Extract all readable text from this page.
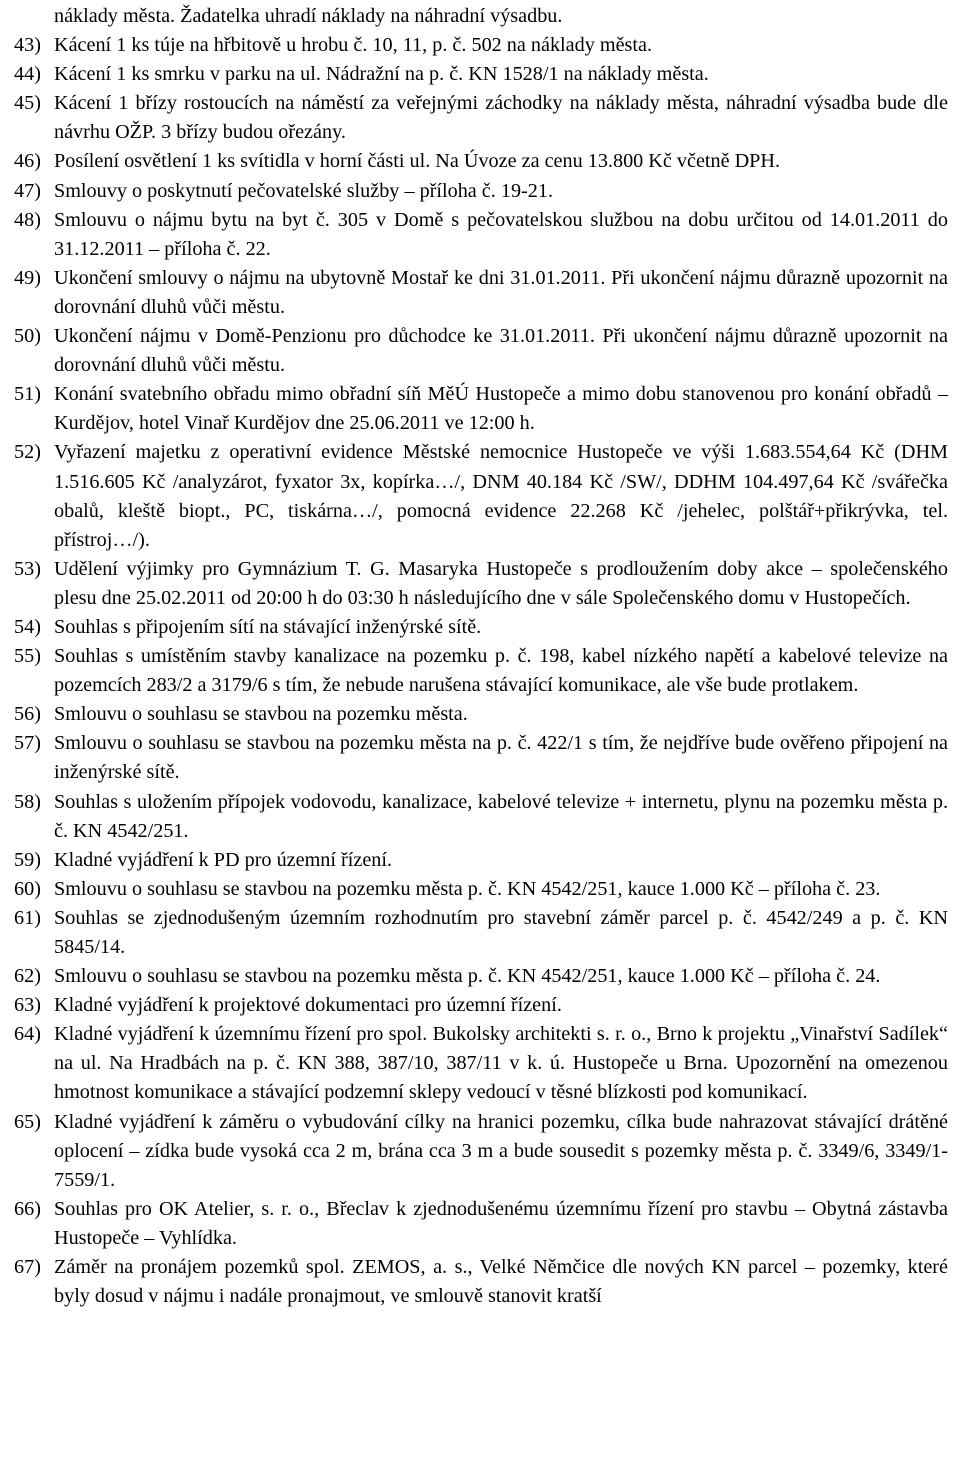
náklady města. Žadatelka uhradí náklady na náhradní výsadbu.
43) Kácení 1 ks túje na hřbitově u hrobu č. 10, 11, p. č. 502 na náklady města.
44) Kácení 1 ks smrku v parku na ul. Nádražní na p. č. KN 1528/1 na náklady města.
45) Kácení 1 břízy rostoucích na náměstí za veřejnými záchodky na náklady města, náhradní výsadba bude dle návrhu OŽP. 3 břízy budou ořezány.
46) Posílení osvětlení 1 ks svítidla v horní části ul. Na Úvoze za cenu 13.800 Kč včetně DPH.
47) Smlouvy o poskytnutí pečovatelské služby – příloha č. 19-21.
48) Smlouvu o nájmu bytu na byt č. 305 v Domě s pečovatelskou službou na dobu určitou od 14.01.2011 do 31.12.2011 – příloha č. 22.
49) Ukončení smlouvy o nájmu na ubytovně Mostař ke dni 31.01.2011. Při ukončení nájmu důrazně upozornit na dorovnání dluhů vůči městu.
50) Ukončení nájmu v Domě-Penzionu pro důchodce ke 31.01.2011. Při ukončení nájmu důrazně upozornit na dorovnání dluhů vůči městu.
51) Konání svatebního obřadu mimo obřadní síň MěÚ Hustopeče a mimo dobu stanovenou pro konání obřadů – Kurdějov, hotel Vinař Kurdějov dne 25.06.2011 ve 12:00 h.
52) Vyřazení majetku z operativní evidence Městské nemocnice Hustopeče ve výši 1.683.554,64 Kč (DHM 1.516.605 Kč /analyzárot, fyxator 3x, kopírka…/, DNM 40.184 Kč /SW/, DDHM 104.497,64 Kč /svářečka obalů, kleště biopt., PC, tiskárna…/, pomocná evidence 22.268 Kč /jehelec, polštář+přikrývka, tel. přístroj…/).
53) Udělení výjimky pro Gymnázium T. G. Masaryka Hustopeče s prodloužením doby akce – společenského plesu dne 25.02.2011 od 20:00 h do 03:30 h následujícího dne v sále Společenského domu v Hustopečích.
54) Souhlas s připojením sítí na stávající inženýrské sítě.
55) Souhlas s umístěním stavby kanalizace na pozemku p. č. 198, kabel nízkého napětí a kabelové televize na pozemcích 283/2 a 3179/6 s tím, že nebude narušena stávající komunikace, ale vše bude protlakem.
56) Smlouvu o souhlasu se stavbou na pozemku města.
57) Smlouvu o souhlasu se stavbou na pozemku města na p. č. 422/1 s tím, že nejdříve bude ověřeno připojení na inženýrské sítě.
58) Souhlas s uložením přípojek vodovodu, kanalizace, kabelové televize + internetu, plynu na pozemku města p. č. KN 4542/251.
59) Kladné vyjádření k PD pro územní řízení.
60) Smlouvu o souhlasu se stavbou na pozemku města p. č. KN 4542/251, kauce 1.000 Kč – příloha č. 23.
61) Souhlas se zjednodušeným územním rozhodnutím pro stavební záměr parcel p. č. 4542/249 a p. č. KN 5845/14.
62) Smlouvu o souhlasu se stavbou na pozemku města p. č. KN 4542/251, kauce 1.000 Kč – příloha č. 24.
63) Kladné vyjádření k projektové dokumentaci pro územní řízení.
64) Kladné vyjádření k územnímu řízení pro spol. Bukolsky architekti s. r. o., Brno k projektu „Vinařství Sadílek“ na ul. Na Hradbách na p. č. KN 388, 387/10, 387/11 v k. ú. Hustopeče u Brna. Upozornění na omezenou hmotnost komunikace a stávající podzemní sklepy vedoucí v těsné blízkosti pod komunikací.
65) Kladné vyjádření k záměru o vybudování cílky na hranici pozemku, cílka bude nahrazovat stávající drátěné oplocení – zídka bude vysoká cca 2 m, brána cca 3 m a bude sousedit s pozemky města p. č. 3349/6, 3349/1-7559/1.
66) Souhlas pro OK Atelier, s. r. o., Břeclav k zjednodušenému územnímu řízení pro stavbu – Obytná zástavba Hustopeče – Vyhlídka.
67) Záměr na pronájem pozemků spol. ZEMOS, a. s., Velké Němčice dle nových KN parcel – pozemky, které byly dosud v nájmu i nadále pronajmout, ve smlouvě stanovit kratší
